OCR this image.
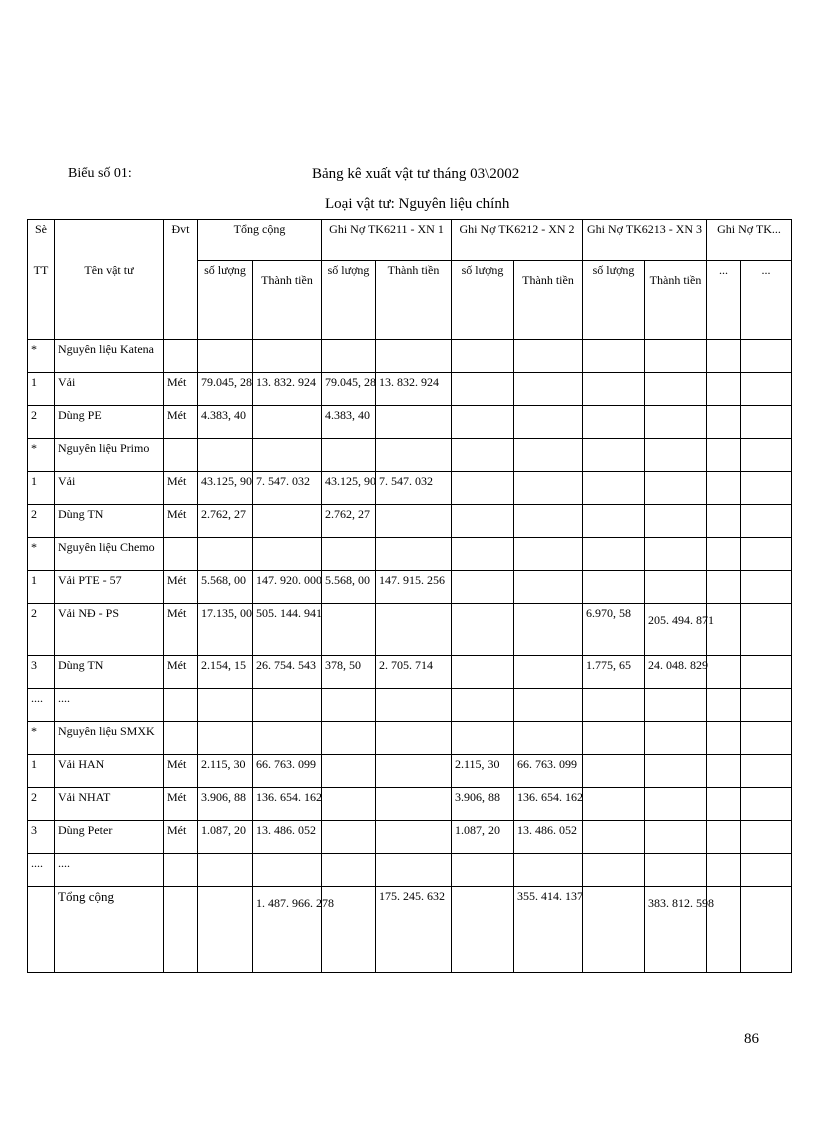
Biểu số 01:	Bảng kê xuất vật tư tháng 03\2002
Loại vật tư: Nguyên liệu chính
Sè		Đvt	Tổng cộng		Ghi Nợ TK6211 - XN 1		Ghi Nợ TK6212 - XN 2		Ghi Nợ TK6213 - XN 3		Ghi Nợ TK...	
TT	Tên vật tư		số lượng	Thành tiền	số lượng	Thành tiền	số lượng	Thành tiền	số lượng	Thành tiền	...	...
*	Nguyên liệu Katena											
1	Vải	Mét	79.045, 28	13. 832. 924	79.045, 28	13. 832. 924						
2	Dùng PE	Mét	4.383, 40		4.383, 40							
*	Nguyên liệu Primo											
1	Vải	Mét	43.125, 90	7. 547. 032	43.125, 90	7. 547. 032						
2	Dùng TN	Mét	2.762, 27		2.762, 27							
*	Nguyên liệu Chemo											
1	Vải PTE - 57	Mét	5.568, 00	147. 920. 000	5.568, 00	147. 915. 256						
2	Vải NĐ - PS	Mét	17.135, 00	505. 144. 941					6.970, 58	205. 494. 871		
3	Dùng TN	Mét	2.154, 15	26. 754. 543	378, 50	2. 705. 714			1.775, 65	24. 048. 829		
....	....											
*	Nguyên liệu SMXK											
1	Vải HAN	Mét	2.115, 30	66. 763. 099			2.115, 30	66. 763. 099				
2	Vải NHAT	Mét	3.906, 88	136. 654. 162			3.906, 88	136. 654. 162				
3	Dùng Peter	Mét	1.087, 20	13. 486. 052			1.087, 20	13. 486. 052				
....	....											
	Tổng cộng			1. 487. 966. 278		175. 245. 632		355. 414. 137		383. 812. 598		
86
